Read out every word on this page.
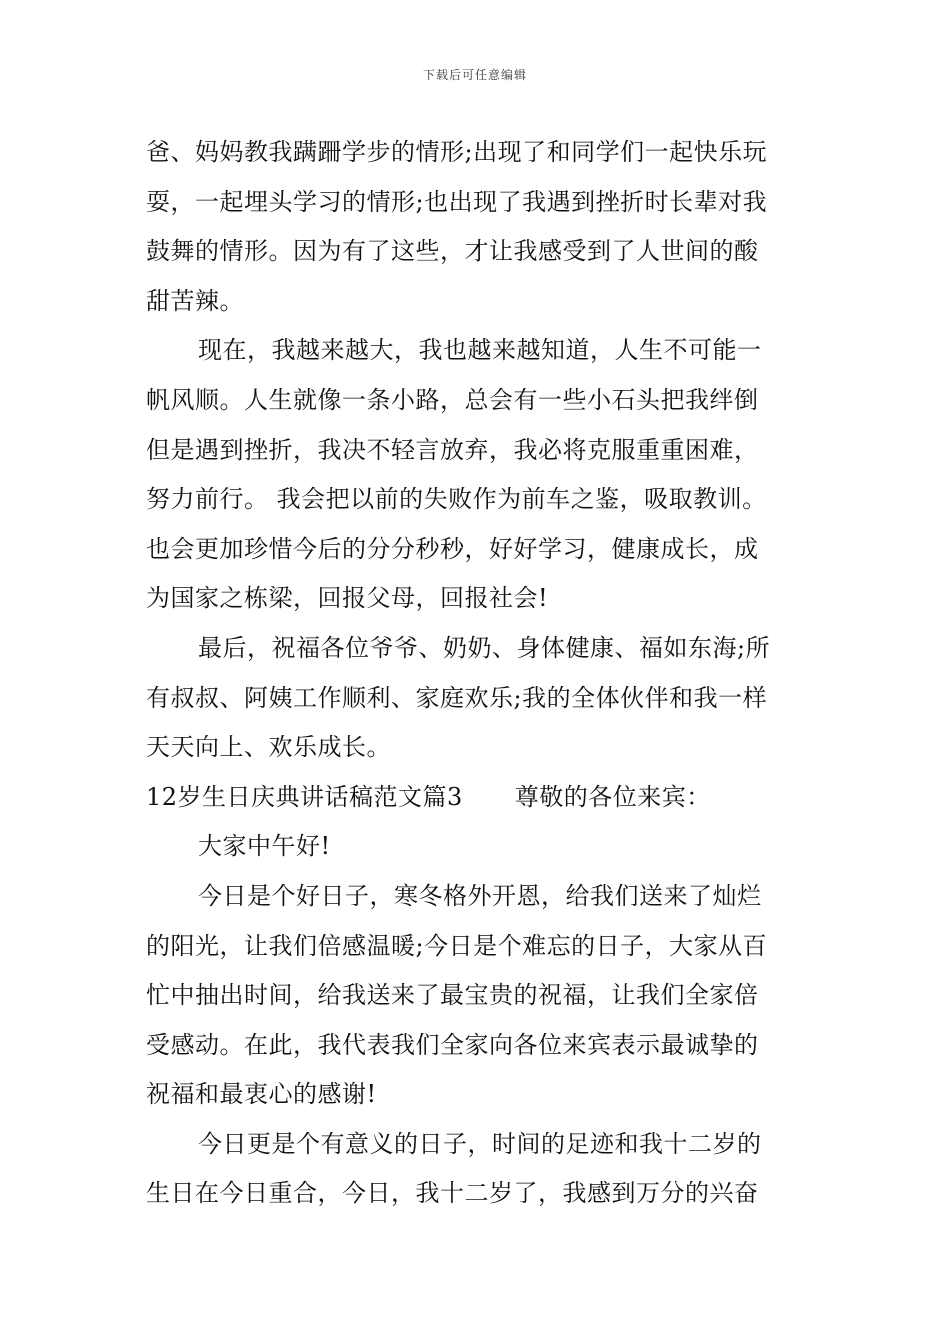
下载后可任意编辑
爸、妈妈教我蹒跚学步的情形;出现了和同学们一起快乐玩
耍，一起埋头学习的情形;也出现了我遇到挫折时长辈对我
鼓舞的情形。因为有了这些，才让我感受到了人世间的酸
甜苦辣。
现在，我越来越大，我也越来越知道，人生不可能一
帆风顺。人生就像一条小路，总会有一些小石头把我绊倒
但是遇到挫折，我决不轻言放弃，我必将克服重重困难，
努力前行。 我会把以前的失败作为前车之鉴，吸取教训。
也会更加珍惜今后的分分秒秒，好好学习，健康成长，成
为国家之栋梁，回报父母，回报社会!
最后，祝福各位爷爷、奶奶、身体健康、福如东海;所
有叔叔、阿姨工作顺利、家庭欢乐;我的全体伙伴和我一样
天天向上、欢乐成长。
12岁生日庆典讲话稿范文篇3 尊敬的各位来宾：
大家中午好!
今日是个好日子，寒冬格外开恩，给我们送来了灿烂
的阳光，让我们倍感温暖;今日是个难忘的日子，大家从百
忙中抽出时间，给我送来了最宝贵的祝福，让我们全家倍
受感动。在此，我代表我们全家向各位来宾表示最诚挚的
祝福和最衷心的感谢!
今日更是个有意义的日子，时间的足迹和我十二岁的
生日在今日重合，今日，我十二岁了，我感到万分的兴奋
